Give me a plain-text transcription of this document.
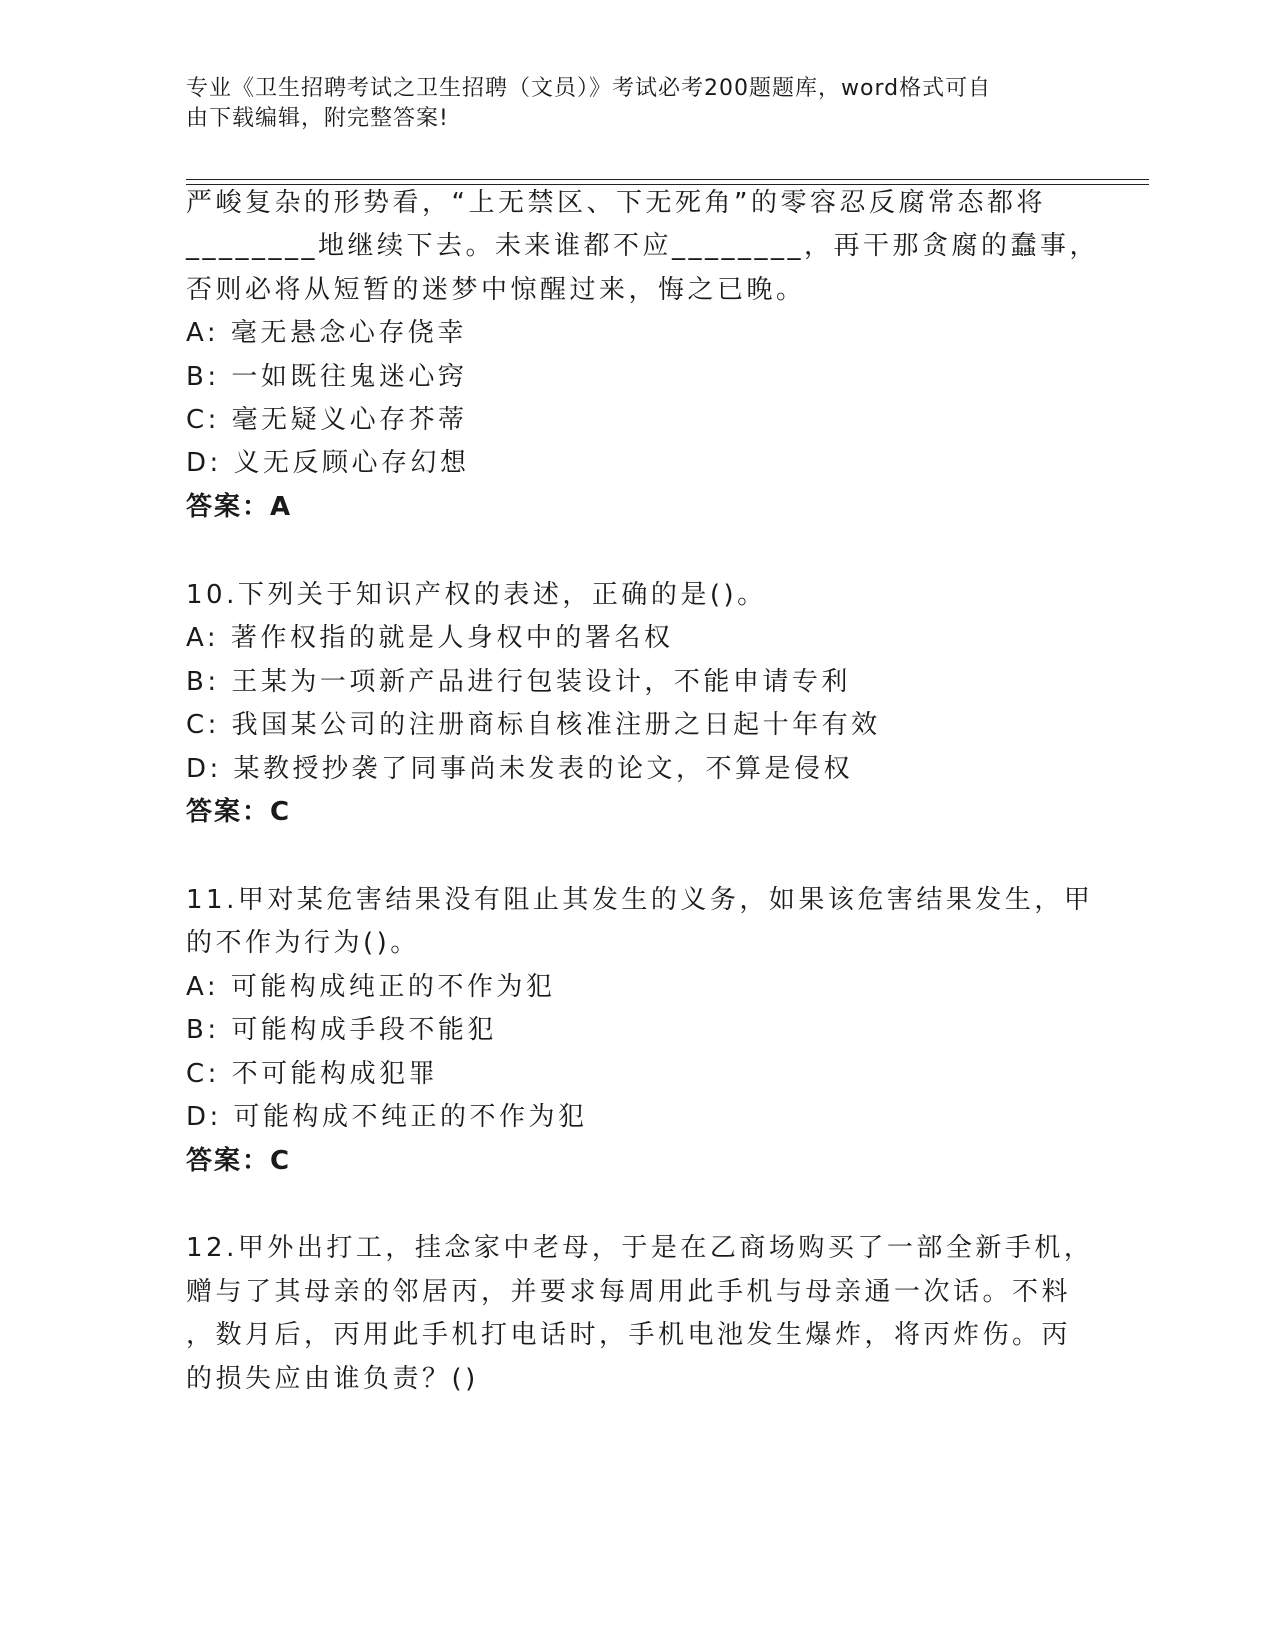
专业《卫生招聘考试之卫生招聘（文员）》考试必考200题题库，word格式可自
由下载编辑，附完整答案!
严峻复杂的形势看，“上无禁区、下无死角”的零容忍反腐常态都将
________地继续下去。未来谁都不应________，再干那贪腐的蠢事，
否则必将从短暂的迷梦中惊醒过来，悔之已晚。
A: 毫无悬念心存侥幸
B: 一如既往鬼迷心窍
C: 毫无疑义心存芥蒂
D: 义无反顾心存幻想
答案：A
10.下列关于知识产权的表述，正确的是()。
A: 著作权指的就是人身权中的署名权
B: 王某为一项新产品进行包装设计，不能申请专利
C: 我国某公司的注册商标自核准注册之日起十年有效
D: 某教授抄袭了同事尚未发表的论文，不算是侵权
答案：C
11.甲对某危害结果没有阻止其发生的义务，如果该危害结果发生，甲
的不作为行为()。
A: 可能构成纯正的不作为犯
B: 可能构成手段不能犯
C: 不可能构成犯罪
D: 可能构成不纯正的不作为犯
答案：C
12.甲外出打工，挂念家中老母，于是在乙商场购买了一部全新手机，
赠与了其母亲的邻居丙，并要求每周用此手机与母亲通一次话。不料
，数月后，丙用此手机打电话时，手机电池发生爆炸，将丙炸伤。丙
的损失应由谁负责？()
